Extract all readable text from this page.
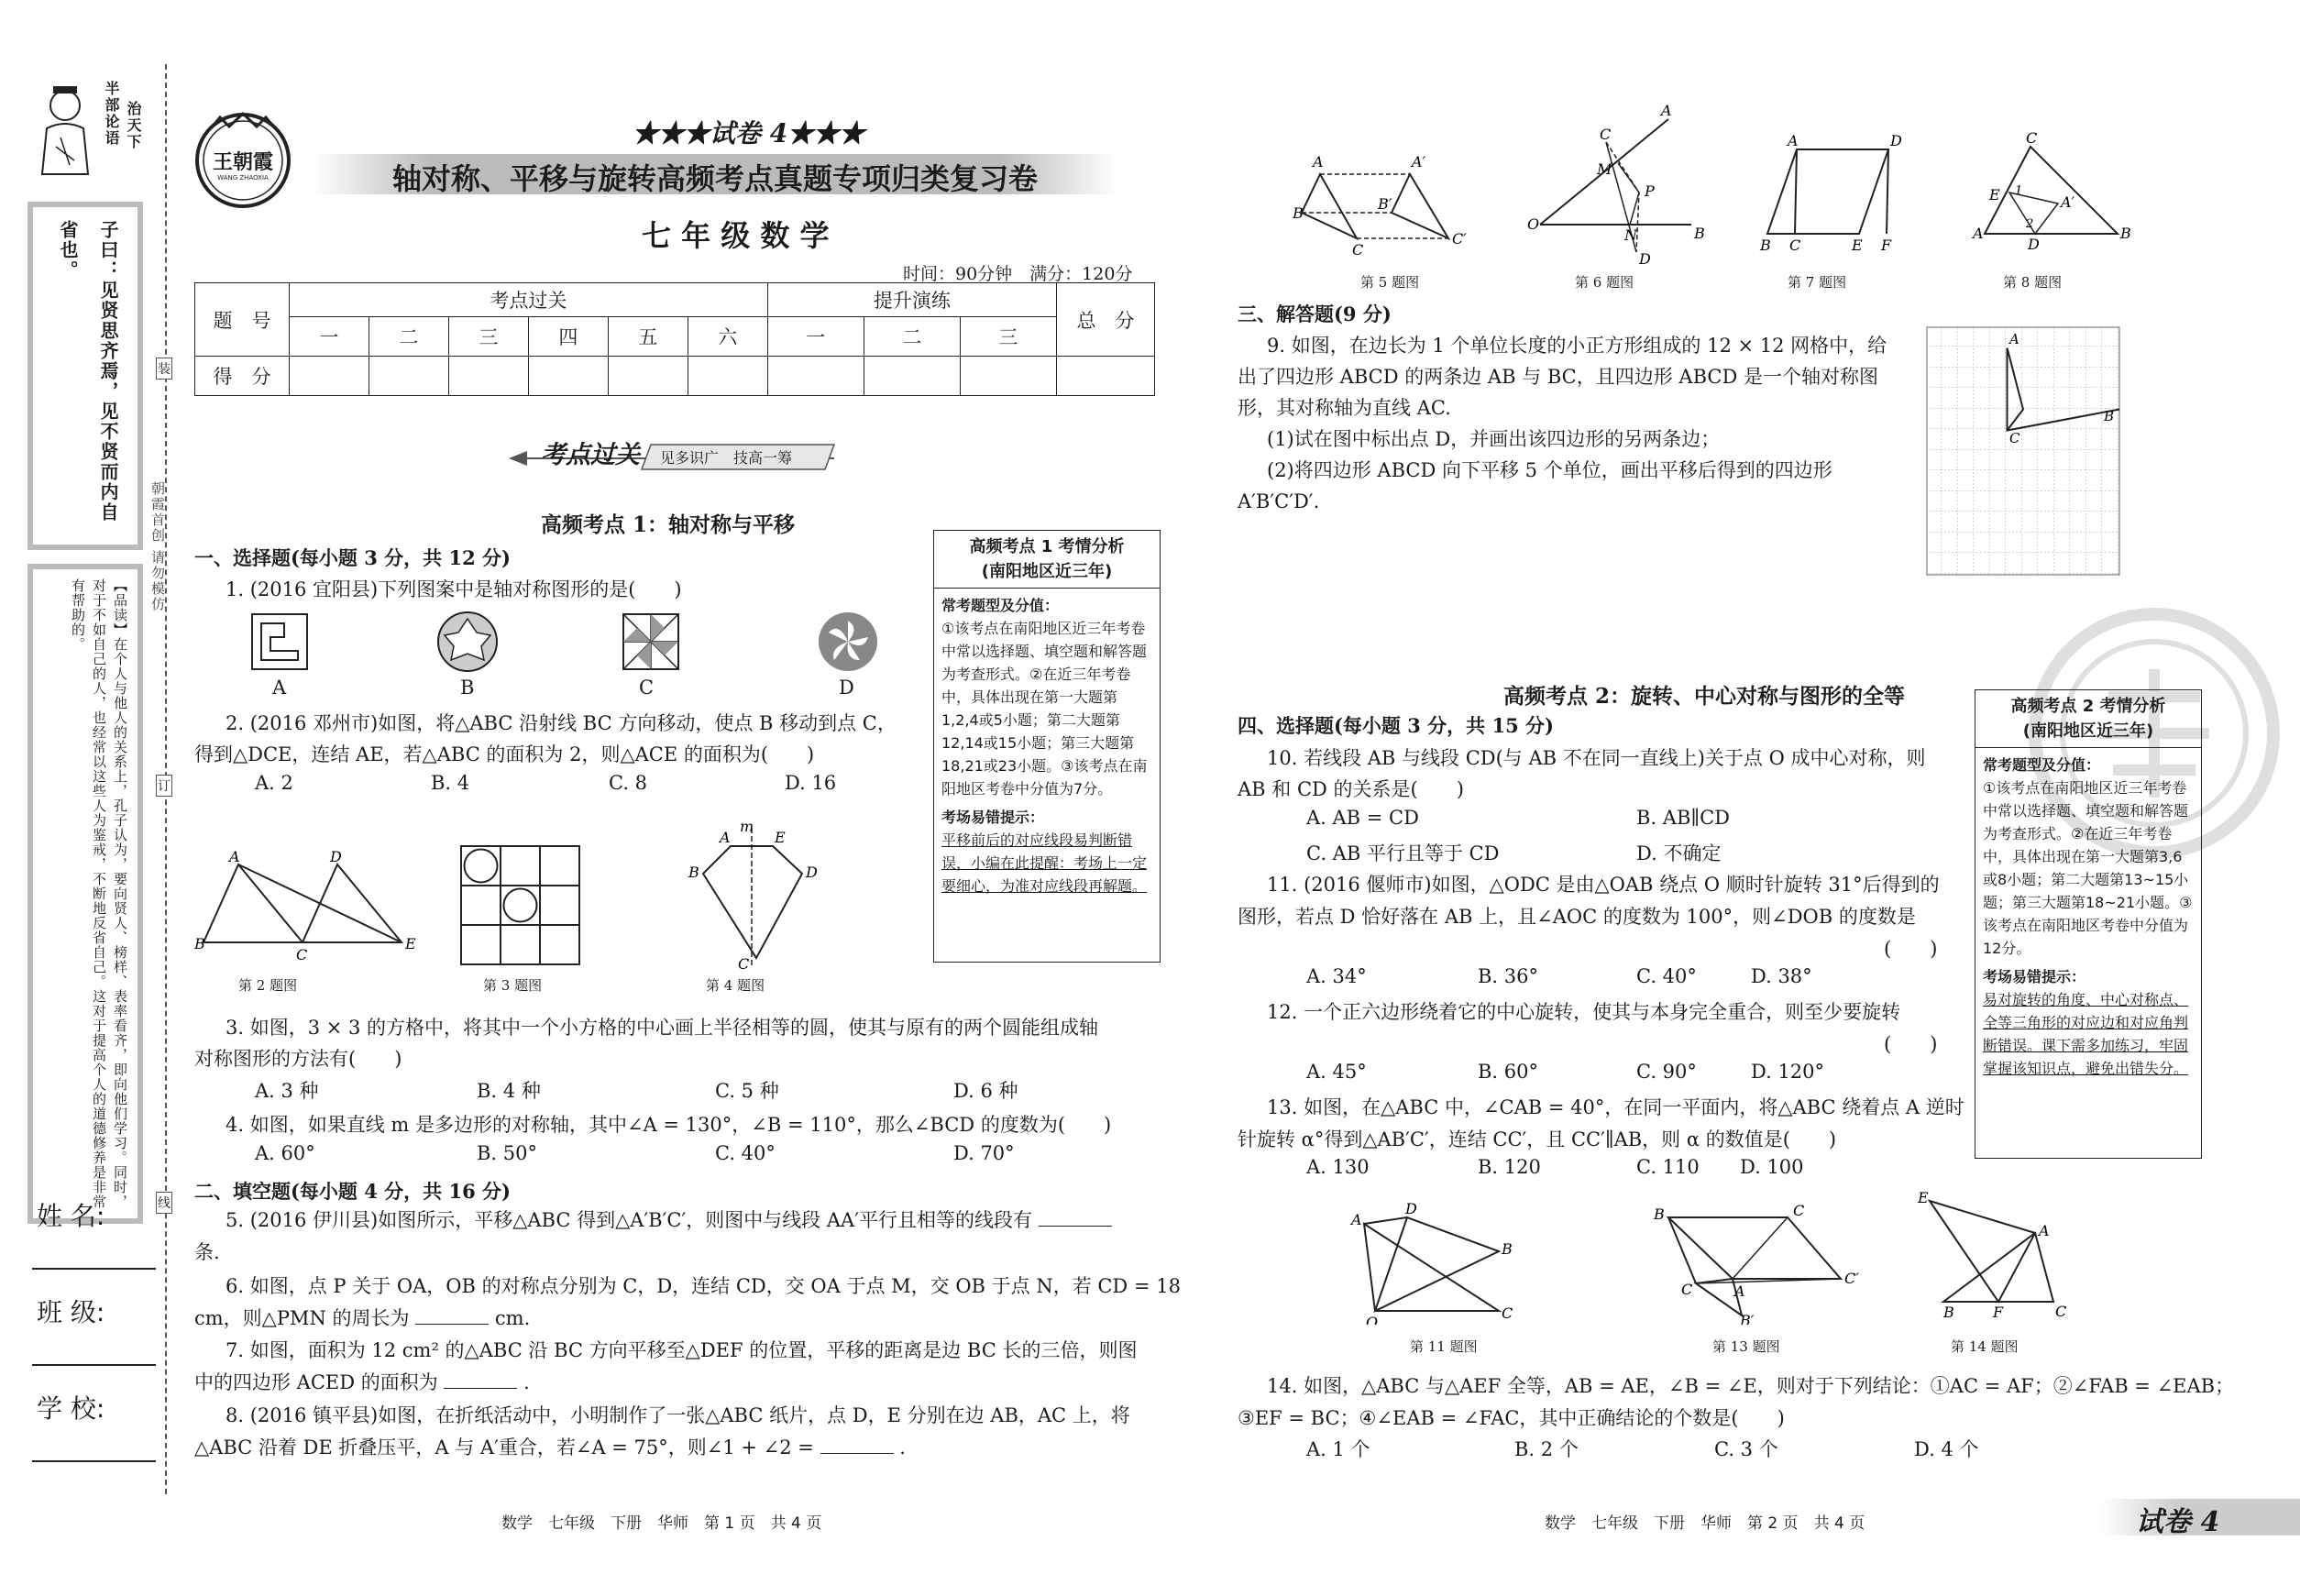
半部论语
治天下
子曰：见贤思齐焉，见不贤而内自省也。
【品读】在个人与他人的关系上，孔子认为，要向贤人、榜样、表率看齐，即向他们学习。同时，对于不如自己的人，也经常以这些人为鉴戒，不断地反省自己。这对于提高个人的道德修养是非常有帮助的。
装
订
线
朝霞首创 请勿模仿
姓 名:
班 级:
学 校:
王朝霞
WANG ZHAOXIA
★★★试卷 4★★★
轴对称、平移与旋转高频考点真题专项归类复习卷
七 年 级 数 学
时间：90分钟　满分：120分
题　号	考点过关						提升演练			总　分
	一	二	三	四	五	六	一	二	三	
得　分										
考点过关 见多识广　技高一筹
高频考点 1：轴对称与平移
高频考点 1 考情分析
(南阳地区近三年)
常考题型及分值：
①该考点在南阳地区近三年考卷中常以选择题、填空题和解答题为考查形式。②在近三年考卷中，具体出现在第一大题第1,2,4或5小题；第二大题第12,14或15小题；第三大题第18,21或23小题。③该考点在南阳地区考卷中分值为7分。
考场易错提示：
平移前后的对应线段易判断错误，小编在此提醒：考场上一定要细心，为准对应线段再解题。
一、选择题(每小题 3 分，共 12 分)
1. (2016 宜阳县)下列图案中是轴对称图形的是(　　)
A	B	C	D
2. (2016 邓州市)如图，将△ABC 沿射线 BC 方向移动，使点 B 移动到点 C，
得到△DCE，连结 AE，若△ABC 的面积为 2，则△ACE 的面积为(　　)
A. 2	B. 4	C. 8	D. 16
A	D
B
C
E
第 2 题图	第 3 题图
m
A	E
B	D
C
第 4 题图
3. 如图，3 × 3 的方格中，将其中一个小方格的中心画上半径相等的圆，使其与原有的两个圆能组成轴
对称图形的方法有(　　)
A. 3 种	B. 4 种	C. 5 种	D. 6 种
4. 如图，如果直线 m 是多边形的对称轴，其中∠A = 130°，∠B = 110°，那么∠BCD 的度数为(　　)
A. 60°	B. 50°	C. 40°	D. 70°
二、填空题(每小题 4 分，共 16 分)
5. (2016 伊川县)如图所示，平移△ABC 得到△A′B′C′，则图中与线段 AA′平行且相等的线段有
条.
6. 如图，点 P 关于 OA，OB 的对称点分别为 C，D，连结 CD，交 OA 于点 M，交 OB 于点 N，若 CD = 18
cm，则△PMN 的周长为	cm.
7. 如图，面积为 12 cm² 的△ABC 沿 BC 方向平移至△DEF 的位置，平移的距离是边 BC 长的三倍，则图
中的四边形 ACED 的面积为	.
8. (2016 镇平县)如图，在折纸活动中，小明制作了一张△ABC 纸片，点 D，E 分别在边 AB，AC 上，将
△ABC 沿着 DE 折叠压平，A 与 A′重合，若∠A = 75°，则∠1 + ∠2 =	.
数学　七年级　下册　华师　第 1 页　共 4 页
A	A′
B
B′
C
C′
第 5 题图
A
C
M
P
O
N	B
D
第 6 题图
A	D
B C	E F
第 7 题图
C
E 1
A′
2
A
D
B
第 8 题图
三、解答题(9 分)
9. 如图，在边长为 1 个单位长度的小正方形组成的 12 × 12 网格中，给
出了四边形 ABCD 的两条边 AB 与 BC，且四边形 ABCD 是一个轴对称图
形，其对称轴为直线 AC.
(1)试在图中标出点 D，并画出该四边形的另两条边；
(2)将四边形 ABCD 向下平移 5 个单位，画出平移后得到的四边形
A′B′C′D′.
A
B
C
高频考点 2：旋转、中心对称与图形的全等	高频考点 2 考情分析
(南阳地区近三年)
常考题型及分值：
①该考点在南阳地区近三年考卷中常以选择题、填空题和解答题为考查形式。②在近三年考卷中，具体出现在第一大题第3,6或8小题；第二大题第13~15小题；第三大题第18~21小题。③该考点在南阳地区考卷中分值为12分。
考场易错提示：
易对旋转的角度、中心对称点、全等三角形的对应边和对应角判断错误。课下需多加练习，牢固掌握该知识点，避免出错失分。
四、选择题(每小题 3 分，共 15 分)
10. 若线段 AB 与线段 CD(与 AB 不在同一直线上)关于点 O 成中心对称，则
AB 和 CD 的关系是(　　)
A. AB = CD	B. AB∥CD
C. AB 平行且等于 CD	D. 不确定
11. (2016 偃师市)如图，△ODC 是由△OAB 绕点 O 顺时针旋转 31°后得到的
图形，若点 D 恰好落在 AB 上，且∠AOC 的度数为 100°，则∠DOB 的度数是
(　　)
A. 34°	B. 36°	C. 40°	D. 38°
12. 一个正六边形绕着它的中心旋转，使其与本身完全重合，则至少要旋转
(　　)
A. 45°	B. 60°	C. 90°	D. 120°
13. 如图，在△ABC 中，∠CAB = 40°，在同一平面内，将△ABC 绕着点 A 逆时
针旋转 α°得到△AB′C′，连结 CC′，且 CC′∥AB，则 α 的数值是(　　)
A. 130	B. 120	C. 110 D. 100
A
D
B
O
C
第 11 题图
B	C
C	A
C′
B′
第 13 题图
E
A
B	F	C
第 14 题图
14. 如图，△ABC 与△AEF 全等，AB = AE，∠B = ∠E，则对于下列结论：①AC = AF；②∠FAB = ∠EAB；
③EF = BC；④∠EAB = ∠FAC，其中正确结论的个数是(　　)
A. 1 个	B. 2 个	C. 3 个	D. 4 个
数学　七年级　下册　华师　第 2 页　共 4 页	试卷 4
